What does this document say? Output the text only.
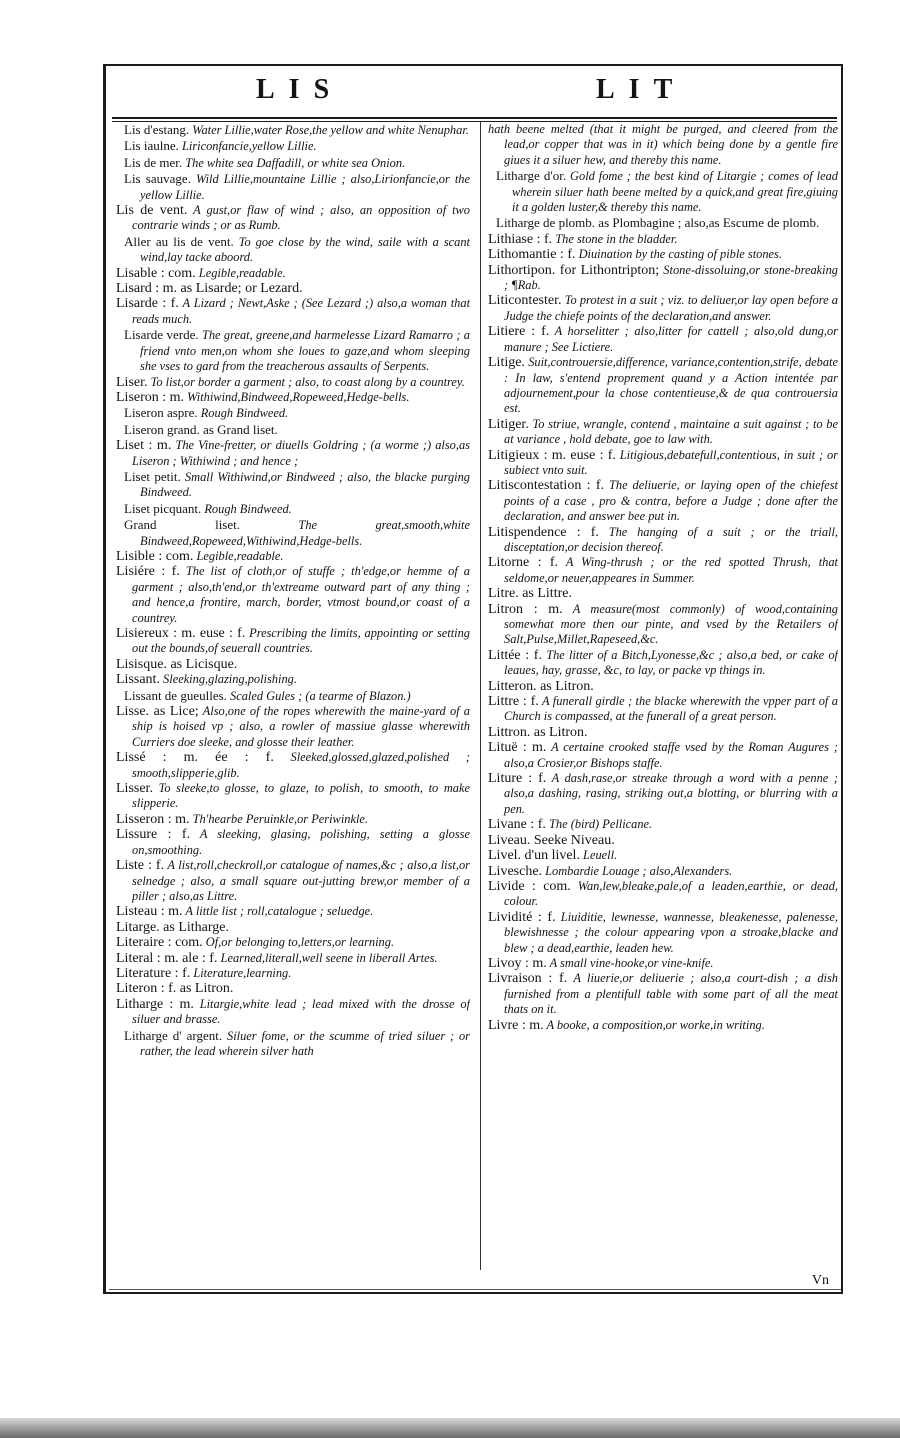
LIS	LIT

Lis d'estang. Water Lillie,water Rose,the yellow and white Nenuphar.

Lis iaulne. Liriconfancie,yellow Lillie.

Lis de mer. The white sea Daffadill, or white sea Onion.

Lis sauvage. Wild Lillie,mountaine Lillie ; also,Lirionfancie,or the yellow Lillie.

Lis de vent. A gust,or flaw of wind ; also, an opposition of two contrarie winds ; or as Rumb.

Aller au lis de vent. To goe close by the wind, saile with a scant wind,lay tacke aboord.

Lisable : com. Legible,readable.

Lisard : m. as Lisarde; or Lezard.

Lisarde : f. A Lizard ; Newt,Aske ; (See Lezard ;) also,a woman that reads much.

Lisarde verde. The great, greene,and harmelesse Lizard Ramarro ; a friend vnto men,on whom she loues to gaze,and whom sleeping she vses to gard from the treacherous assaults of Serpents.

Liser. To list,or border a garment ; also, to coast along by a countrey.

Liseron : m. Withiwind,Bindweed,Ropeweed,Hedge-bells.

Liseron aspre. Rough Bindweed.

Liseron grand. as Grand liset.

Liset : m. The Vine-fretter, or diuells Goldring ; (a worme ;) also,as Liseron ; Withiwind ; and hence ;

Liset petit. Small Withiwind,or Bindweed ; also, the blacke purging Bindweed.

Liset picquant. Rough Bindweed.

Grand liset. The great,smooth,white Bindweed,Ropeweed,Withiwind,Hedge-bells.

Lisible : com. Legible,readable.

Lisiére : f. The list of cloth,or of stuffe ; th'edge,or hemme of a garment ; also,th'end,or th'extreame outward part of any thing ; and hence,a frontire, march, border, vtmost bound,or coast of a countrey.

Lisiereux : m. euse : f. Prescribing the limits, appointing or setting out the bounds,of seuerall countries.

Lisisque. as Licisque.

Lissant. Sleeking,glazing,polishing.

Lissant de gueulles. Scaled Gules ; (a tearme of Blazon.)

Lisse. as Lice; Also,one of the ropes wherewith the maine-yard of a ship is hoised vp ; also, a rowler of massiue glasse wherewith Curriers doe sleeke, and glosse their leather.

Lissé : m. ée : f. Sleeked,glossed,glazed,polished ; smooth,slipperie,glib.

Lisser. To sleeke,to glosse, to glaze, to polish, to smooth, to make slipperie.

Lisseron : m. Th'hearbe Peruinkle,or Periwinkle.

Lissure : f. A sleeking, glasing, polishing, setting a glosse on,smoothing.

Liste : f. A list,roll,checkroll,or catalogue of names,&c ; also,a list,or selnedge ; also, a small square out-jutting brew,or member of a piller ; also,as Littre.

Listeau : m. A little list ; roll,catalogue ; seluedge.

Litarge. as Litharge.

Literaire : com. Of,or belonging to,letters,or learning.

Literal : m. ale : f. Learned,literall,well seene in liberall Artes.

Literature : f. Literature,learning.

Literon : f. as Litron.

Litharge : m. Litargie,white lead ; lead mixed with the drosse of siluer and brasse.

Litharge d' argent. Siluer fome, or the scumme of tried siluer ; or rather, the lead wherein silver hath

hath beene melted (that it might be purged, and cleered from the lead,or copper that was in it) which being done by a gentle fire giues it a siluer hew, and thereby this name.

Litharge d'or. Gold fome ; the best kind of Litargie ; comes of lead wherein siluer hath beene melted by a quick,and great fire,giuing it a golden luster,& thereby this name.

Litharge de plomb. as Plombagine ; also,as Escume de plomb.

Lithiase : f. The stone in the bladder.

Lithomantie : f. Diuination by the casting of pible stones.

Lithortipon. for Lithontripton; Stone-dissoluing,or stone-breaking ; ¶Rab.

Liticontester. To protest in a suit ; viz. to deliuer,or lay open before a Judge the chiefe points of the declaration,and answer.

Litiere : f. A horselitter ; also,litter for cattell ; also,old dung,or manure ; See Lictiere.

Litige. Suit,controuersie,difference, variance,contention,strife, debate : In law, s'entend proprement quand y a Action intentée par adjournement,pour la chose contentieuse,& de qua controuersia est.

Litiger. To striue, wrangle, contend , maintaine a suit against ; to be at variance , hold debate, goe to law with.

Litigieux : m. euse : f. Litigious,debatefull,contentious, in suit ; or subiect vnto suit.

Litiscontestation : f. The deliuerie, or laying open of the chiefest points of a case , pro & contra, before a Judge ; done after the declaration, and answer bee put in.

Litispendence : f. The hanging of a suit ; or the triall, disceptation,or decision thereof.

Litorne : f. A Wing-thrush ; or the red spotted Thrush, that seldome,or neuer,appeares in Summer.

Litre. as Littre.

Litron : m. A measure(most commonly) of wood,containing somewhat more then our pinte, and vsed by the Retailers of Salt,Pulse,Millet,Rapeseed,&c.

Littée : f. The litter of a Bitch,Lyonesse,&c ; also,a bed, or cake of leaues, hay, grasse, &c, to lay, or packe vp things in.

Litteron. as Litron.

Littre : f. A funerall girdle ; the blacke wherewith the vpper part of a Church is compassed, at the funerall of a great person.

Littron. as Litron.

Lituë : m. A certaine crooked staffe vsed by the Roman Augures ; also,a Crosier,or Bishops staffe.

Liture : f. A dash,rase,or streake through a word with a penne ; also,a dashing, rasing, striking out,a blotting, or blurring with a pen.

Livane : f. The (bird) Pellicane.

Liveau. Seeke Niveau.

Livel. d'un livel. Leuell.

Livesche. Lombardie Louage ; also,Alexanders.

Livide : com. Wan,lew,bleake,pale,of a leaden,earthie, or dead, colour.

Lividité : f. Liuiditie, lewnesse, wannesse, bleakenesse, palenesse, blewishnesse ; the colour appearing vpon a stroake,blacke and blew ; a dead,earthie, leaden hew.

Livoy : m. A small vine-hooke,or vine-knife.

Livraison : f. A liuerie,or deliuerie ; also,a court-dish ; a dish furnished from a plentifull table with some part of all the meat thats on it.

Livre : m. A booke, a composition,or worke,in writing.

Vn
